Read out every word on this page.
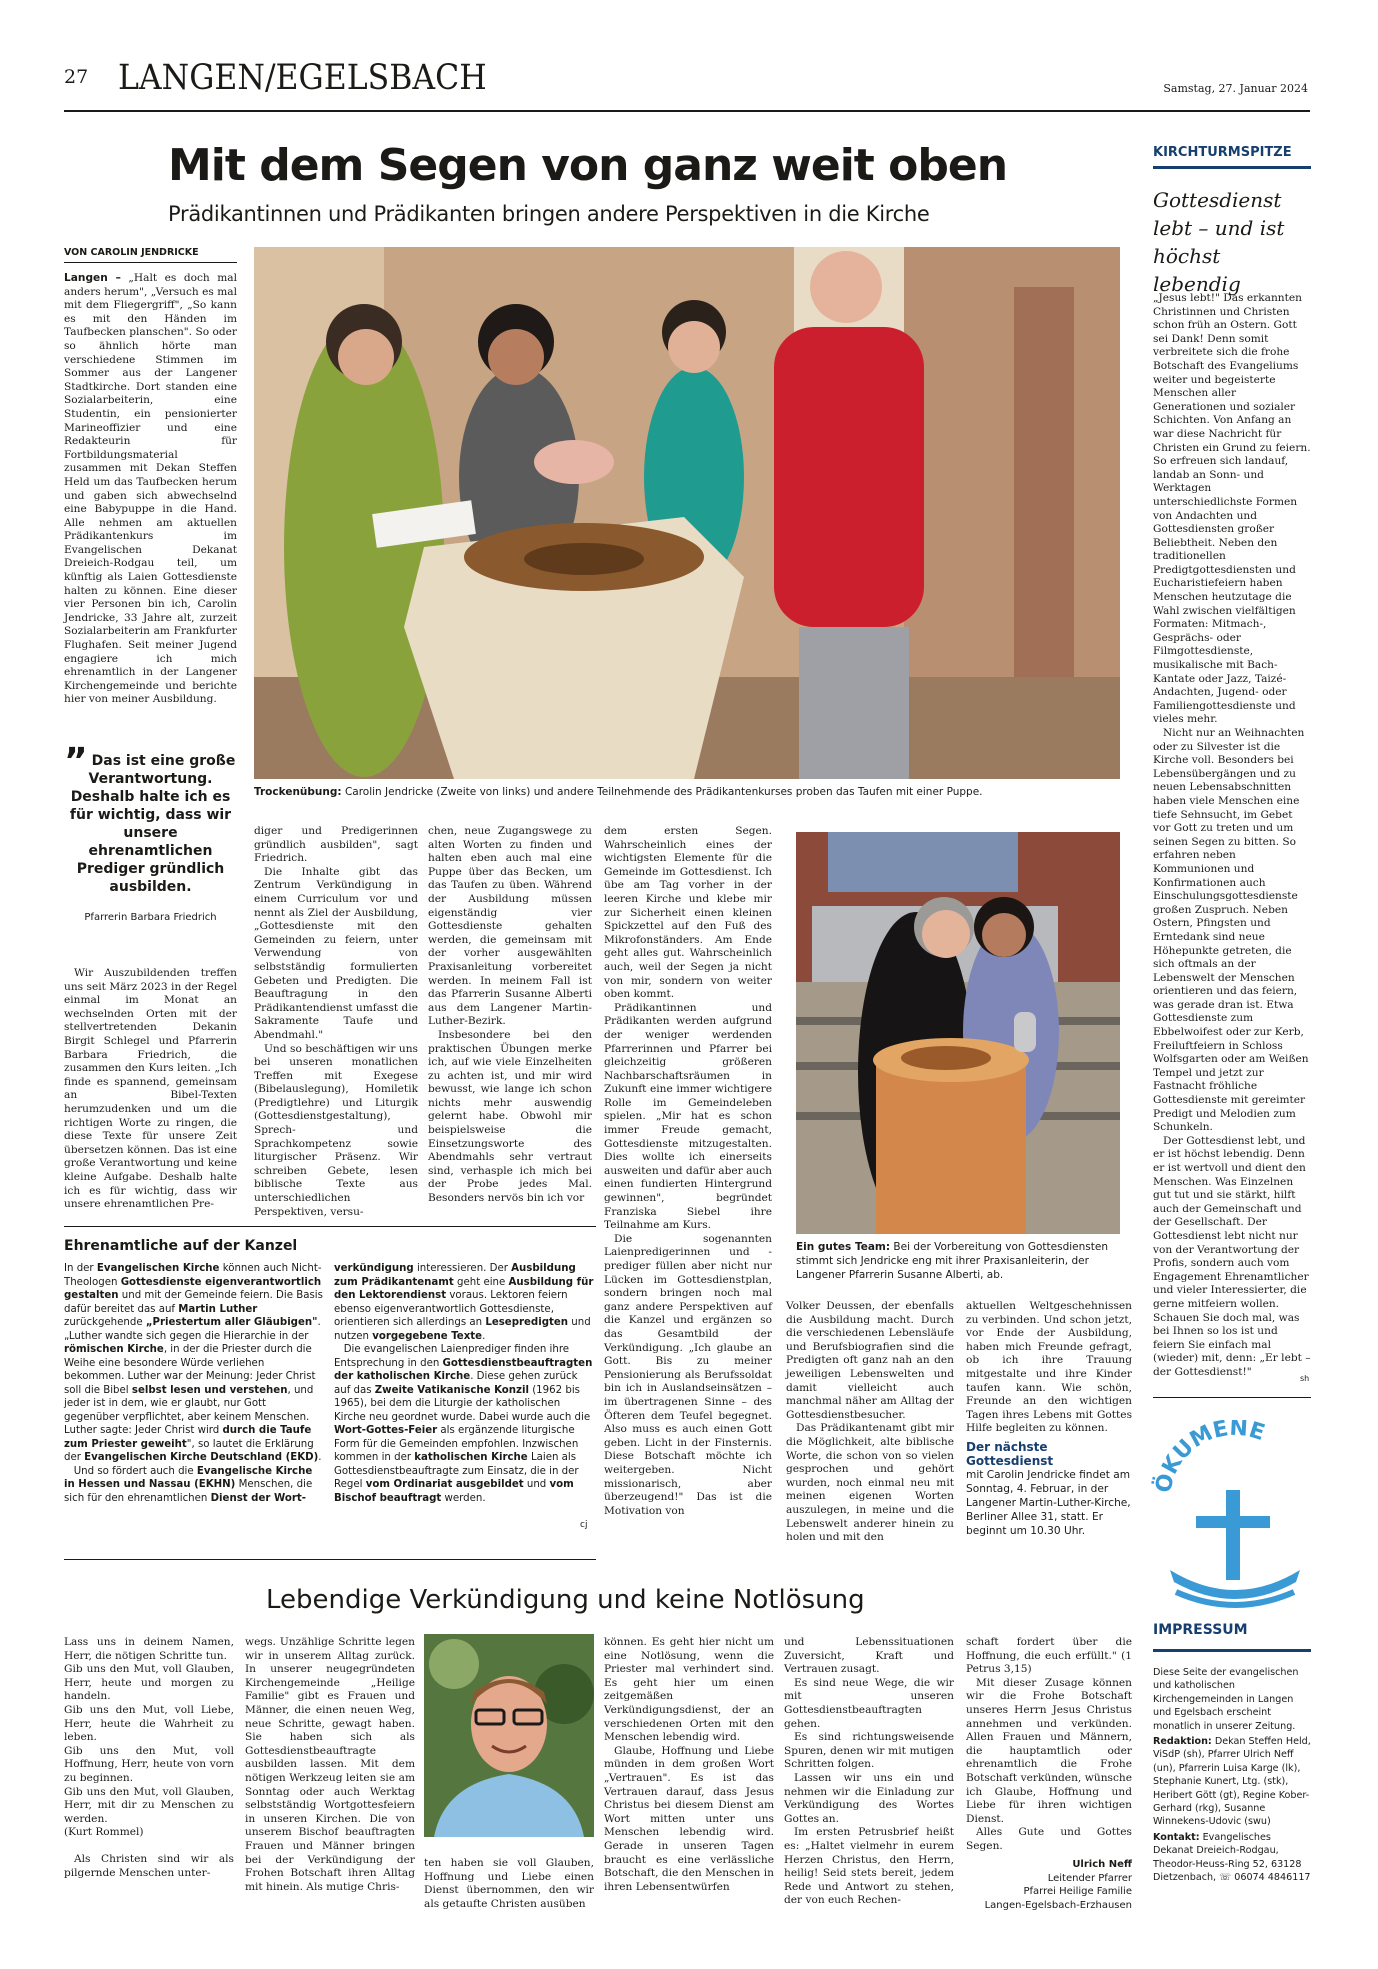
27 LANGEN/EGELSBACH	Samstag, 27. Januar 2024
Mit dem Segen von ganz weit oben
Prädikantinnen und Prädikanten bringen andere Perspektiven in die Kirche
VON CAROLIN JENDRICKE

Langen – „Halt es doch mal anders herum", „Versuch es mal mit dem Fliegergriff", „So kann es mit den Händen im Taufbecken planschen". So oder so ähnlich hörte man verschiedene Stimmen im Sommer aus der Langener Stadtkirche. Dort standen eine Sozialarbeiterin, eine Studentin, ein pensionierter Marineoffizier und eine Redakteurin für Fortbildungsmaterial zusammen mit Dekan Steffen Held um das Taufbecken herum und gaben sich abwechselnd eine Babypuppe in die Hand. Alle nehmen am aktuellen Prädikantenkurs im Evangelischen Dekanat Dreieich-Rodgau teil, um künftig als Laien Gottesdienste halten zu können. Eine dieser vier Personen bin ich, Carolin Jendricke, 33 Jahre alt, zurzeit Sozialarbeiterin am Frankfurter Flughafen. Seit meiner Jugend engagiere ich mich ehrenamtlich in der Langener Kirchengemeinde und berichte hier von meiner Ausbildung.

” Das ist eine große Verantwortung. Deshalb halte ich es für wichtig, dass wir unsere ehrenamtlichen Prediger gründlich ausbilden.
Pfarrerin Barbara Friedrich

Wir Auszubildenden treffen uns seit März 2023 in der Regel einmal im Monat an wechselnden Orten mit der stellvertretenden Dekanin Birgit Schlegel und Pfarrerin Barbara Friedrich, die zusammen den Kurs leiten. „Ich finde es spannend, gemeinsam an Bibel-Texten herumzudenken und um die richtigen Worte zu ringen, die diese Texte für unsere Zeit übersetzen können. Das ist eine große Verantwortung und keine kleine Aufgabe. Deshalb halte ich es für wichtig, dass wir unsere ehrenamtlichen Pre-

Trockenübung: Carolin Jendricke (Zweite von links) und andere Teilnehmende des Prädikantenkurses proben das Taufen mit einer Puppe.

diger und Predigerinnen gründlich ausbilden", sagt Friedrich.

Die Inhalte gibt das Zentrum Verkündigung in einem Curriculum vor und nennt als Ziel der Ausbildung, „Gottesdienste mit den Gemeinden zu feiern, unter Verwendung von selbstständig formulierten Gebeten und Predigten. Die Beauftragung in den Prädikantendienst umfasst die Sakramente Taufe und Abendmahl."

Und so beschäftigen wir uns bei unseren monatlichen Treffen mit Exegese (Bibelauslegung), Homiletik (Predigtlehre) und Liturgik (Gottesdienstgestaltung), Sprech- und Sprachkompetenz sowie liturgischer Präsenz. Wir schreiben Gebete, lesen biblische Texte aus unterschiedlichen Perspektiven, versu-

chen, neue Zugangswege zu alten Worten zu finden und halten eben auch mal eine Puppe über das Becken, um das Taufen zu üben. Während der Ausbildung müssen eigenständig vier Gottesdienste gehalten werden, die gemeinsam mit der vorher ausgewählten Praxisanleitung vorbereitet werden. In meinem Fall ist das Pfarrerin Susanne Alberti aus dem Langener Martin-Luther-Bezirk.

Insbesondere bei den praktischen Übungen merke ich, auf wie viele Einzelheiten zu achten ist, und mir wird bewusst, wie lange ich schon nichts mehr auswendig gelernt habe. Obwohl mir beispielsweise die Einsetzungsworte des Abendmahls sehr vertraut sind, verhasple ich mich bei der Probe jedes Mal. Besonders nervös bin ich vor

dem ersten Segen. Wahrscheinlich eines der wichtigsten Elemente für die Gemeinde im Gottesdienst. Ich übe am Tag vorher in der leeren Kirche und klebe mir zur Sicherheit einen kleinen Spickzettel auf den Fuß des Mikrofonständers. Am Ende geht alles gut. Wahrscheinlich auch, weil der Segen ja nicht von mir, sondern von weiter oben kommt.

Prädikantinnen und Prädikanten werden aufgrund der weniger werdenden Pfarrerinnen und Pfarrer bei gleichzeitig größeren Nachbarschaftsräumen in Zukunft eine immer wichtigere Rolle im Gemeindeleben spielen. „Mir hat es schon immer Freude gemacht, Gottesdienste mitzugestalten. Dies wollte ich einerseits ausweiten und dafür aber auch einen fundierten Hintergrund gewinnen", begründet Franziska Siebel ihre Teilnahme am Kurs.

Die sogenannten Laienpredigerinnen und -prediger füllen aber nicht nur Lücken im Gottesdienstplan, sondern bringen noch mal ganz andere Perspektiven auf die Kanzel und ergänzen so das Gesamtbild der Verkündigung. „Ich glaube an Gott. Bis zu meiner Pensionierung als Berufssoldat bin ich in Auslandseinsätzen – im übertragenen Sinne – des Öfteren dem Teufel begegnet. Also muss es auch einen Gott geben. Licht in der Finsternis. Diese Botschaft möchte ich weitergeben. Nicht missionarisch, aber überzeugend!" Das ist die Motivation von

Ein gutes Team: Bei der Vorbereitung von Gottesdiensten stimmt sich Jendricke eng mit ihrer Praxisanleiterin, der Langener Pfarrerin Susanne Alberti, ab.

Volker Deussen, der ebenfalls die Ausbildung macht. Durch die verschiedenen Lebensläufe und Berufsbiografien sind die Predigten oft ganz nah an den jeweiligen Lebenswelten und damit vielleicht auch manchmal näher am Alltag der Gottesdienstbesucher.

Das Prädikantenamt gibt mir die Möglichkeit, alte biblische Worte, die schon von so vielen gesprochen und gehört wurden, noch einmal neu mit meinen eigenen Worten auszulegen, in meine und die Lebenswelt anderer hinein zu holen und mit den

aktuellen Weltgeschehnissen zu verbinden. Und schon jetzt, vor Ende der Ausbildung, haben mich Freunde gefragt, ob ich ihre Trauung mitgestalte und ihre Kinder taufen kann. Wie schön, Freunde an den wichtigen Tagen ihres Lebens mit Gottes Hilfe begleiten zu können.

Der nächste Gottesdienst
mit Carolin Jendricke findet am Sonntag, 4. Februar, in der Langener Martin-Luther-Kirche, Berliner Allee 31, statt. Er beginnt um 10.30 Uhr.
Ehrenamtliche auf der Kanzel
In der Evangelischen Kirche können auch Nicht-Theologen Gottesdienste eigenverantwortlich gestalten und mit der Gemeinde feiern. Die Basis dafür bereitet das auf Martin Luther zurückgehende „Priestertum aller Gläubigen". „Luther wandte sich gegen die Hierarchie in der römischen Kirche, in der die Priester durch die Weihe eine besondere Würde verliehen bekommen. Luther war der Meinung: Jeder Christ soll die Bibel selbst lesen und verstehen, und jeder ist in dem, wie er glaubt, nur Gott gegenüber verpflichtet, aber keinem Menschen. Luther sagte: Jeder Christ wird durch die Taufe zum Priester geweiht", so lautet die Erklärung der Evangelischen Kirche Deutschland (EKD).
Und so fördert auch die Evangelische Kirche in Hessen und Nassau (EKHN) Menschen, die sich für den ehrenamtlichen Dienst der Wort-
verkündigung interessieren. Der Ausbildung zum Prädikantenamt geht eine Ausbildung für den Lektorendienst voraus. Lektoren feiern ebenso eigenverantwortlich Gottesdienste, orientieren sich allerdings an Lesepredigten und nutzen vorgegebene Texte.
Die evangelischen Laienprediger finden ihre Entsprechung in den Gottesdienstbeauftragten der katholischen Kirche. Diese gehen zurück auf das Zweite Vatikanische Konzil (1962 bis 1965), bei dem die Liturgie der katholischen Kirche neu geordnet wurde. Dabei wurde auch die Wort-Gottes-Feier als ergänzende liturgische Form für die Gemeinden empfohlen. Inzwischen kommen in der katholischen Kirche Laien als Gottesdienstbeauftragte zum Einsatz, die in der Regel vom Ordinariat ausgebildet und vom Bischof beauftragt werden.
cj
KIRCHTURMSPITZE
Gottesdienst lebt – und ist höchst lebendig

„Jesus lebt!" Das erkannten Christinnen und Christen schon früh an Ostern. Gott sei Dank! Denn somit verbreitete sich die frohe Botschaft des Evangeliums weiter und begeisterte Menschen aller Generationen und sozialer Schichten. Von Anfang an war diese Nachricht für Christen ein Grund zu feiern. So erfreuen sich landauf, landab an Sonn- und Werktagen unterschiedlichste Formen von Andachten und Gottesdiensten großer Beliebtheit. Neben den traditionellen Predigtgottesdiensten und Eucharistiefeiern haben Menschen heutzutage die Wahl zwischen vielfältigen Formaten: Mitmach-, Gesprächs- oder Filmgottesdienste, musikalische mit Bach-Kantate oder Jazz, Taizé-Andachten, Jugend- oder Familiengottesdienste und vieles mehr.

Nicht nur an Weihnachten oder zu Silvester ist die Kirche voll. Besonders bei Lebensübergängen und zu neuen Lebensabschnitten haben viele Menschen eine tiefe Sehnsucht, im Gebet vor Gott zu treten und um seinen Segen zu bitten. So erfahren neben Kommunionen und Konfirmationen auch Einschulungsgottesdienste großen Zuspruch. Neben Ostern, Pfingsten und Erntedank sind neue Höhepunkte getreten, die sich oftmals an der Lebenswelt der Menschen orientieren und das feiern, was gerade dran ist. Etwa Gottesdienste zum Ebbelwoifest oder zur Kerb, Freiluftfeiern in Schloss Wolfsgarten oder am Weißen Tempel und jetzt zur Fastnacht fröhliche Gottesdienste mit gereimter Predigt und Melodien zum Schunkeln.

Der Gottesdienst lebt, und er ist höchst lebendig. Denn er ist wertvoll und dient den Menschen. Was Einzelnen gut tut und sie stärkt, hilft auch der Gemeinschaft und der Gesellschaft. Der Gottesdienst lebt nicht nur von der Verantwortung der Profis, sondern auch vom Engagement Ehrenamtlicher und vieler Interessierter, die gerne mitfeiern wollen. Schauen Sie doch mal, was bei Ihnen so los ist und feiern Sie einfach mal (wieder) mit, denn: „Er lebt – der Gottesdienst!"

sh
ÖKUMENE
IMPRESSUM
Diese Seite der evangelischen und katholischen Kirchengemeinden in Langen und Egelsbach erscheint monatlich in unserer Zeitung.
Redaktion: Dekan Steffen Held, ViSdP (sh), Pfarrer Ulrich Neff (un), Pfarrerin Luisa Karge (lk), Stephanie Kunert, Ltg. (stk), Heribert Gött (gt), Regine Kober-Gerhard (rkg), Susanne Winnekens-Udovic (swu)
Kontakt: Evangelisches Dekanat Dreieich-Rodgau, Theodor-Heuss-Ring 52, 63128 Dietzenbach, ☏ 06074 4846117
Lebendige Verkündigung und keine Notlösung
Lass uns in deinem Namen, Herr, die nötigen Schritte tun.
Gib uns den Mut, voll Glauben, Herr, heute und morgen zu handeln.
Gib uns den Mut, voll Liebe, Herr, heute die Wahrheit zu leben.
Gib uns den Mut, voll Hoffnung, Herr, heute von vorn zu beginnen.
Gib uns den Mut, voll Glauben, Herr, mit dir zu Menschen zu werden.
(Kurt Rommel)

Als Christen sind wir als pilgernde Menschen unter-

wegs. Unzählige Schritte legen wir in unserem Alltag zurück. In unserer neugegründeten Kirchengemeinde „Heilige Familie" gibt es Frauen und Männer, die einen neuen Weg, neue Schritte, gewagt haben. Sie haben sich als Gottesdienstbeauftragte ausbilden lassen. Mit dem nötigen Werkzeug leiten sie am Sonntag oder auch Werktag selbstständig Wortgottesfeiern in unseren Kirchen. Die von unserem Bischof beauftragten Frauen und Männer bringen bei der Verkündigung der Frohen Botschaft ihren Alltag mit hinein. Als mutige Chris-

ten haben sie voll Glauben, Hoffnung und Liebe einen Dienst übernommen, den wir als getaufte Christen ausüben

können. Es geht hier nicht um eine Notlösung, wenn die Priester mal verhindert sind. Es geht hier um einen zeitgemäßen Verkündigungsdienst, der an verschiedenen Orten mit den Menschen lebendig wird.

Glaube, Hoffnung und Liebe münden in dem großen Wort „Vertrauen". Es ist das Vertrauen darauf, dass Jesus Christus bei diesem Dienst am Wort mitten unter uns Menschen lebendig wird. Gerade in unseren Tagen braucht es eine verlässliche Botschaft, die den Menschen in ihren Lebensentwürfen

und Lebenssituationen Zuversicht, Kraft und Vertrauen zusagt.

Es sind neue Wege, die wir mit unseren Gottesdienstbeauftragten gehen.

Es sind richtungsweisende Spuren, denen wir mit mutigen Schritten folgen.

Lassen wir uns ein und nehmen wir die Einladung zur Verkündigung des Wortes Gottes an.

Im ersten Petrusbrief heißt es: „Haltet vielmehr in eurem Herzen Christus, den Herrn, heilig! Seid stets bereit, jedem Rede und Antwort zu stehen, der von euch Rechen-

schaft fordert über die Hoffnung, die euch erfüllt." (1 Petrus 3,15)

Mit dieser Zusage können wir die Frohe Botschaft unseres Herrn Jesus Christus annehmen und verkünden. Allen Frauen und Männern, die hauptamtlich oder ehrenamtlich die Frohe Botschaft verkünden, wünsche ich Glaube, Hoffnung und Liebe für ihren wichtigen Dienst.

Alles Gute und Gottes Segen.

Ulrich Neff
Leitender Pfarrer
Pfarrei Heilige Familie
Langen-Egelsbach-Erzhausen
